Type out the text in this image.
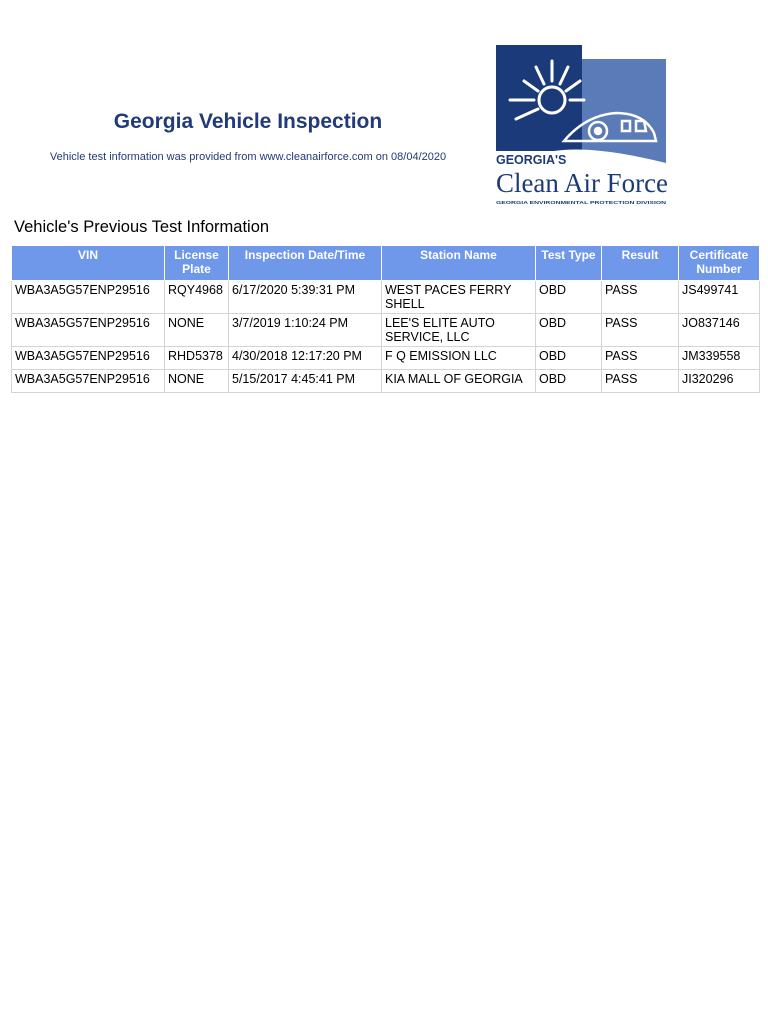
Georgia Vehicle Inspection
Vehicle test information was provided from www.cleanairforce.com on 08/04/2020	GEORGIA'S
Clean Air Force
GEORGIA ENVIRONMENTAL PROTECTION DIVISION
Vehicle's Previous Test Information
VIN	License Plate	Inspection Date/Time	Station Name	Test Type	Result	Certificate Number
WBA3A5G57ENP29516	RQY4968	6/17/2020 5:39:31 PM	WEST PACES FERRY SHELL	OBD	PASS	JS499741
WBA3A5G57ENP29516	NONE	3/7/2019 1:10:24 PM	LEE'S ELITE AUTO SERVICE, LLC	OBD	PASS	JO837146
WBA3A5G57ENP29516	RHD5378	4/30/2018 12:17:20 PM	F Q EMISSION LLC	OBD	PASS	JM339558
WBA3A5G57ENP29516	NONE	5/15/2017 4:45:41 PM	KIA MALL OF GEORGIA	OBD	PASS	JI320296
